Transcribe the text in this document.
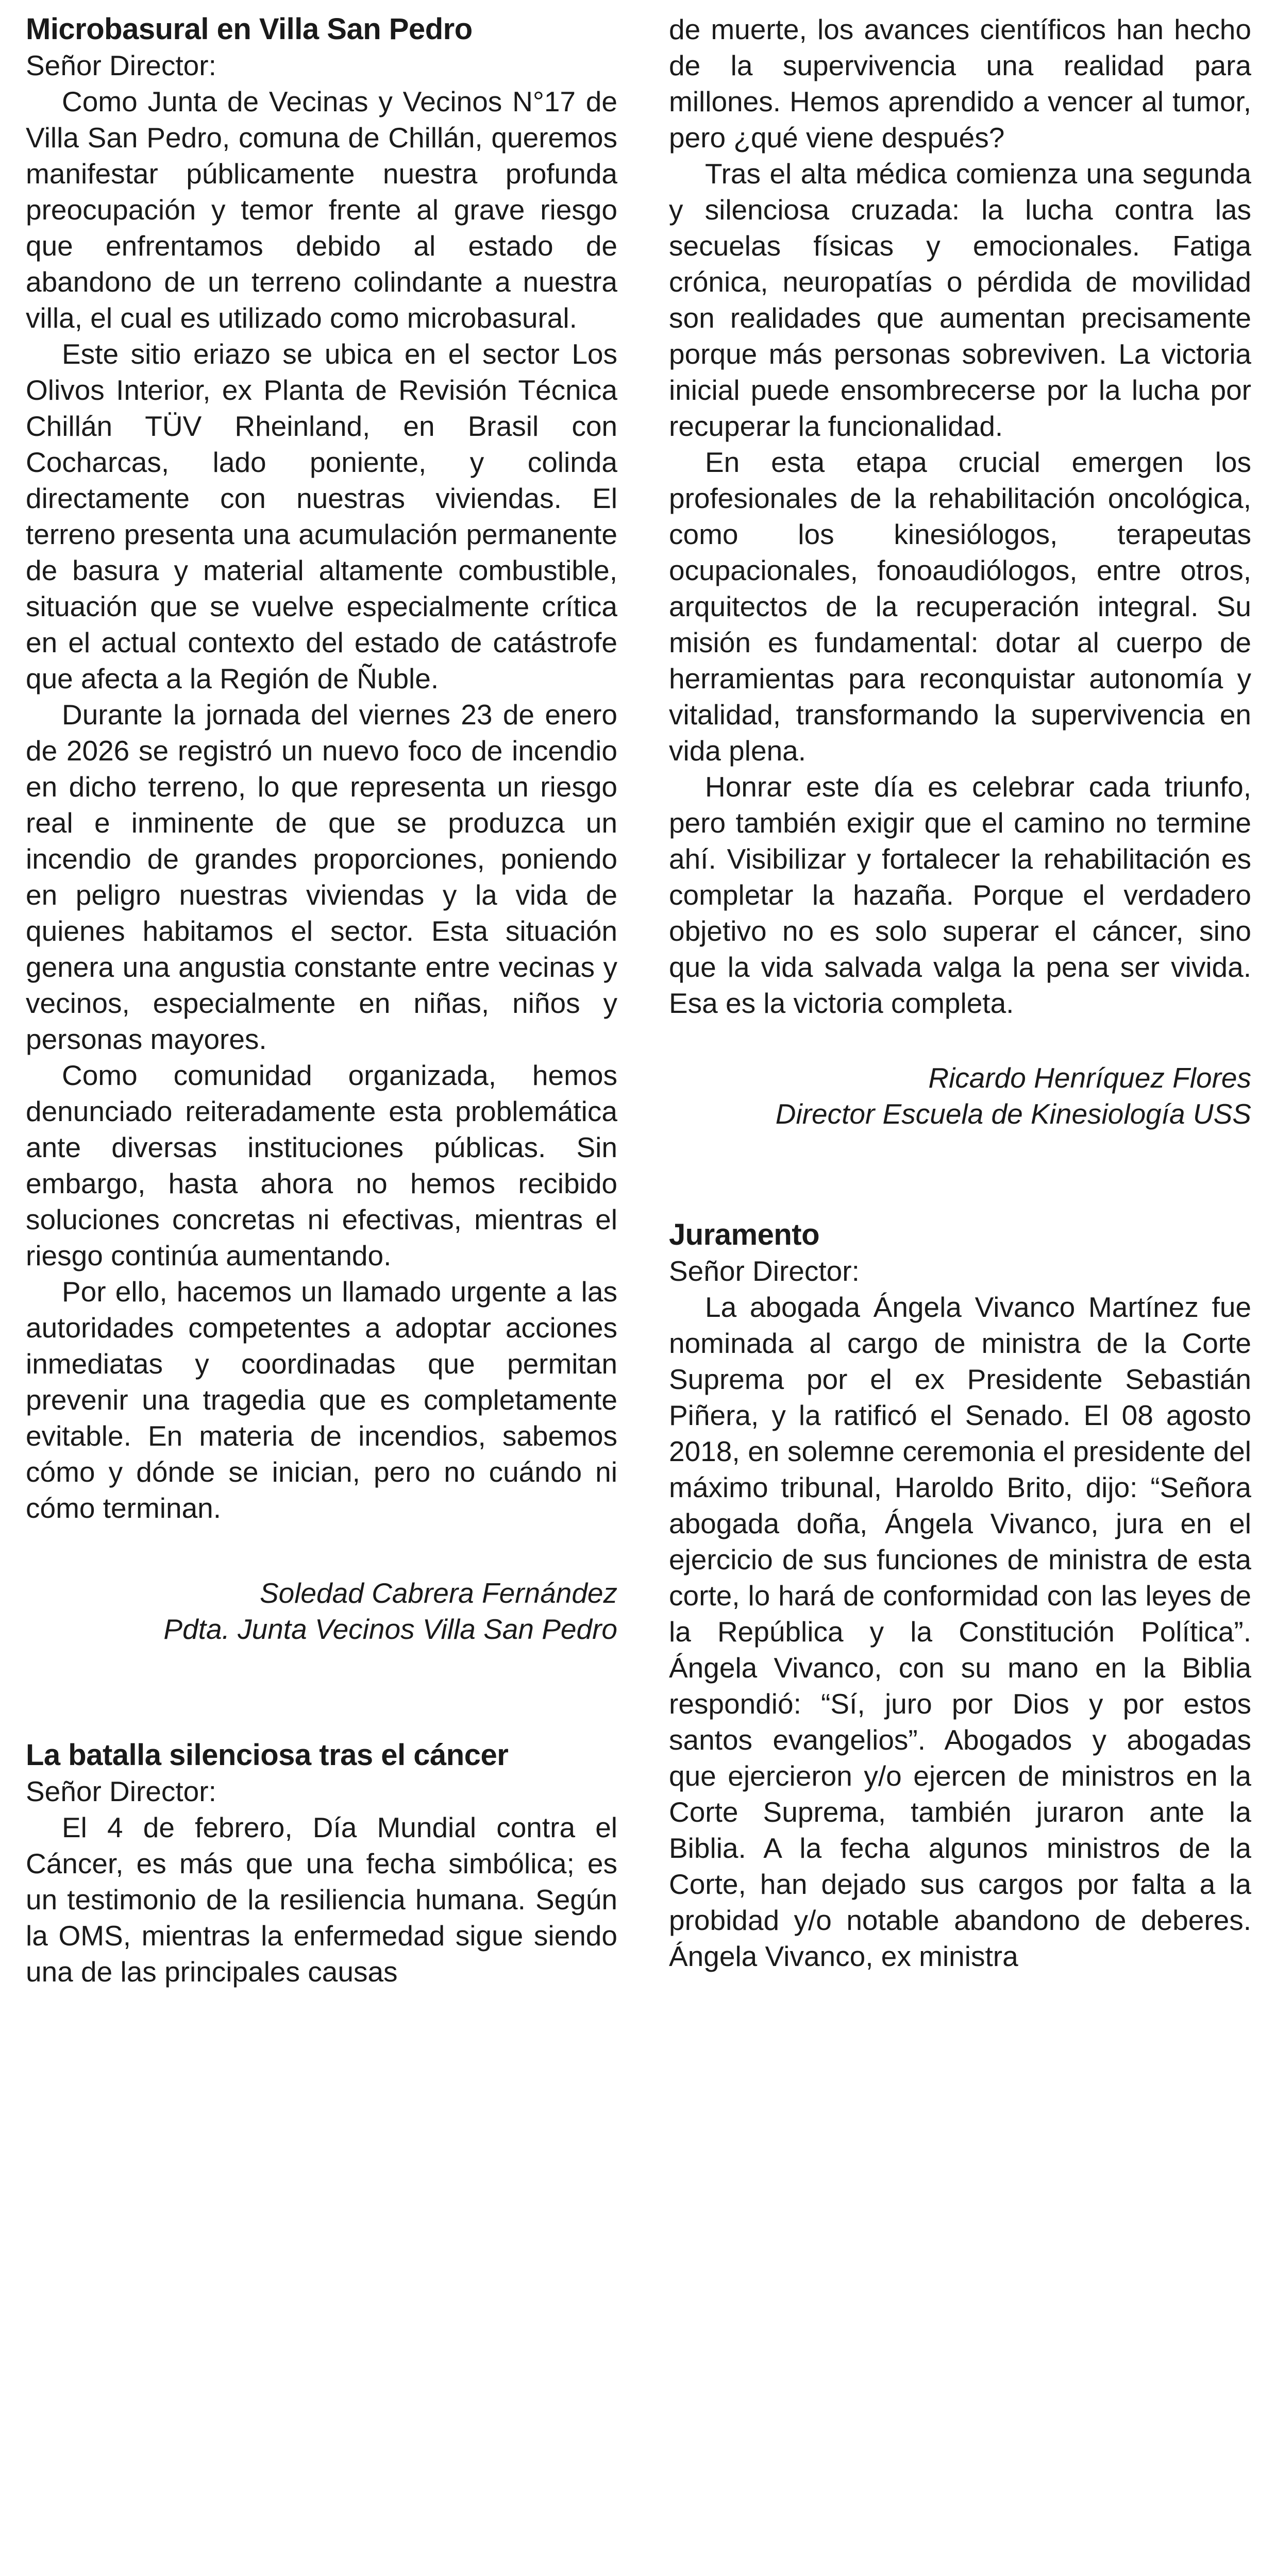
Microbasural en Villa San Pedro

Señor Director:

Como Junta de Vecinas y Vecinos N°17 de Villa San Pedro, comuna de Chillán, queremos manifestar públicamente nuestra profunda preocupación y temor frente al grave riesgo que enfrentamos debido al estado de abandono de un terreno colindante a nuestra villa, el cual es utilizado como microbasural.

Este sitio eriazo se ubica en el sector Los Olivos Interior, ex Planta de Revisión Técnica Chillán TÜV Rheinland, en Brasil con Cocharcas, lado poniente, y colinda directamente con nuestras viviendas. El terreno presenta una acumulación permanente de basura y material altamente combustible, situación que se vuelve especialmente crítica en el actual contexto del estado de catástrofe que afecta a la Región de Ñuble.

Durante la jornada del viernes 23 de enero de 2026 se registró un nuevo foco de incendio en dicho terreno, lo que representa un riesgo real e inminente de que se produzca un incendio de grandes proporciones, poniendo en peligro nuestras viviendas y la vida de quienes habitamos el sector. Esta situación genera una angustia constante entre vecinas y vecinos, especialmente en niñas, niños y personas mayores.

Como comunidad organizada, hemos denunciado reiteradamente esta problemática ante diversas instituciones públicas. Sin embargo, hasta ahora no hemos recibido soluciones concretas ni efectivas, mientras el riesgo continúa aumentando.

Por ello, hacemos un llamado urgente a las autoridades competentes a adoptar acciones inmediatas y coordinadas que permitan prevenir una tragedia que es completamente evitable. En materia de incendios, sabemos cómo y dónde se inician, pero no cuándo ni cómo terminan.

Soledad Cabrera Fernández

Pdta. Junta Vecinos Villa San Pedro

La batalla silenciosa tras el cáncer

Señor Director:

El 4 de febrero, Día Mundial contra el Cáncer, es más que una fecha simbólica; es un testimonio de la resiliencia humana. Según la OMS, mientras la enfermedad sigue siendo una de las principales causas

de muerte, los avances científicos han hecho de la supervivencia una realidad para millones. Hemos aprendido a vencer al tumor, pero ¿qué viene después?

Tras el alta médica comienza una segunda y silenciosa cruzada: la lucha contra las secuelas físicas y emocionales. Fatiga crónica, neuropatías o pérdida de movilidad son realidades que aumentan precisamente porque más personas sobreviven. La victoria inicial puede ensombrecerse por la lucha por recuperar la funcionalidad.

En esta etapa crucial emergen los profesionales de la rehabilitación oncológica, como los kinesiólogos, terapeutas ocupacionales, fonoaudiólogos, entre otros, arquitectos de la recuperación integral. Su misión es fundamental: dotar al cuerpo de herramientas para reconquistar autonomía y vitalidad, transformando la supervivencia en vida plena.

Honrar este día es celebrar cada triunfo, pero también exigir que el camino no termine ahí. Visibilizar y fortalecer la rehabilitación es completar la hazaña. Porque el verdadero objetivo no es solo superar el cáncer, sino que la vida salvada valga la pena ser vivida. Esa es la victoria completa.

Ricardo Henríquez Flores

Director Escuela de Kinesiología USS

Juramento

Señor Director:

La abogada Ángela Vivanco Martínez fue nominada al cargo de ministra de la Corte Suprema por el ex Presidente Sebastián Piñera, y la ratificó el Senado. El 08 agosto 2018, en solemne ceremonia el presidente del máximo tribunal, Haroldo Brito, dijo: “Señora abogada doña, Ángela Vivanco, jura en el ejercicio de sus funciones de ministra de esta corte, lo hará de conformidad con las leyes de la República y la Constitución Política”. Ángela Vivanco, con su mano en la Biblia respondió: “Sí, juro por Dios y por estos santos evangelios”. Abogados y abogadas que ejercieron y/o ejercen de ministros en la Corte Suprema, también juraron ante la Biblia. A la fecha algunos ministros de la Corte, han dejado sus cargos por falta a la probidad y/o notable abandono de deberes. Ángela Vivanco, ex ministra
